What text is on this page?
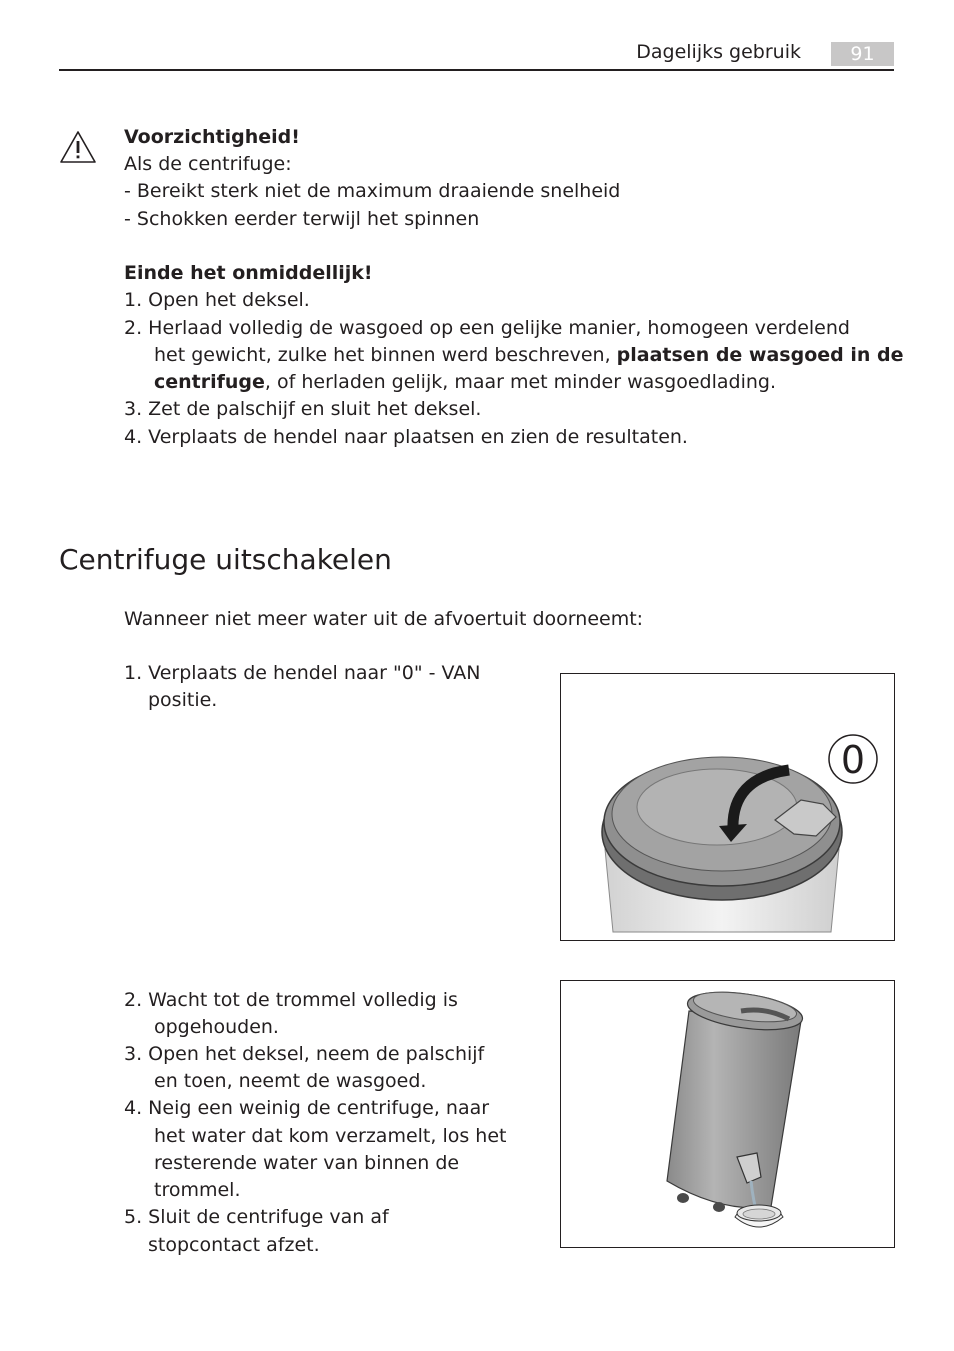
Dagelijks gebruik	91
Voorzichtigheid!
Als de centrifuge:
- Bereikt sterk niet de maximum draaiende snelheid
- Schokken eerder terwijl het spinnen
Einde het onmiddellijk!
1. Open het deksel.
2. Herlaad volledig de wasgoed op een gelijke manier, homogeen verdelend
het gewicht, zulke het binnen werd beschreven, plaatsen de wasgoed in de
centrifuge, of herladen gelijk, maar met minder wasgoedlading.
3. Zet de palschijf en sluit het deksel.
4. Verplaats de hendel naar plaatsen en zien de resultaten.
Centrifuge uitschakelen
Wanneer niet meer water uit de afvoertuit doorneemt:
1. Verplaats de hendel naar "0" - VAN
positie.
0
2. Wacht tot de trommel volledig is
opgehouden.
3. Open het deksel, neem de palschijf
en toen, neemt de wasgoed.
4. Neig een weinig de centrifuge, naar
het water dat kom verzamelt, los het
resterende water van binnen de
trommel.
5. Sluit de centrifuge van af
stopcontact afzet.
